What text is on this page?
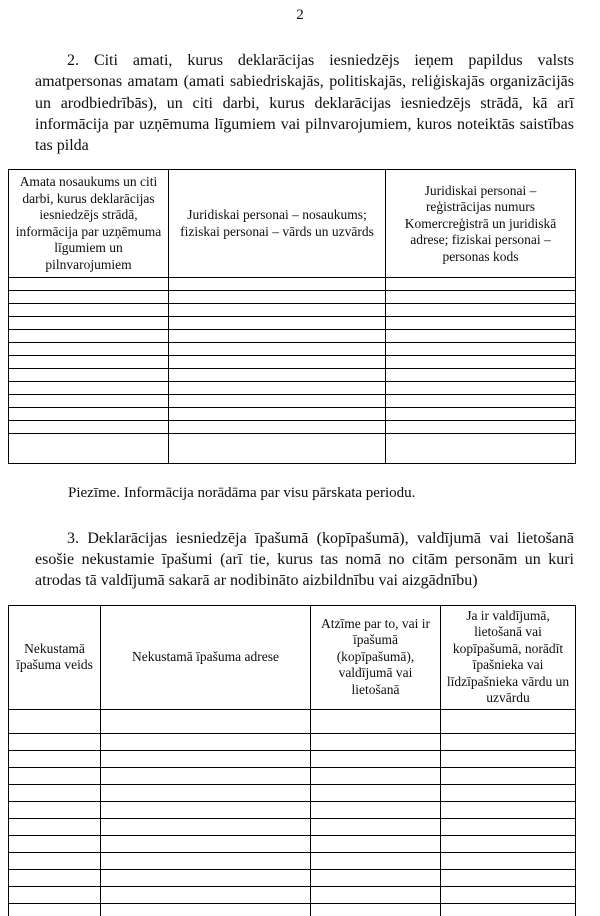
2

2. Citi amati, kurus deklarācijas iesniedzējs ieņem papildus valsts amatpersonas amatam (amati sabiedriskajās, politiskajās, reliģiskajās organizācijās un arodbiedrībās), un citi darbi, kurus deklarācijas iesniedzējs strādā, kā arī informācija par uzņēmuma līgumiem vai pilnvarojumiem, kuros noteiktās saistības tas pilda

Amata nosaukums un citi darbi, kurus deklarācijas iesniedzējs strādā, informācija par uzņēmuma līgumiem un pilnvarojumiem	Juridiskai personai – nosaukums; fiziskai personai – vārds un uzvārds	Juridiskai personai – reģistrācijas numurs Komercreģistrā un juridiskā adrese; fiziskai personai – personas kods

Piezīme. Informācija norādāma par visu pārskata periodu.

3. Deklarācijas iesniedzēja īpašumā (kopīpašumā), valdījumā vai lietošanā esošie nekustamie īpašumi (arī tie, kurus tas nomā no citām personām un kuri atrodas tā valdījumā sakarā ar nodibināto aizbildnību vai aizgādnību)

Nekustamā īpašuma veids	Nekustamā īpašuma adrese	Atzīme par to, vai ir īpašumā (kopīpašumā), valdījumā vai lietošanā	Ja ir valdījumā, lietošanā vai kopīpašumā, norādīt īpašnieka vai līdzīpašnieka vārdu un uzvārdu
